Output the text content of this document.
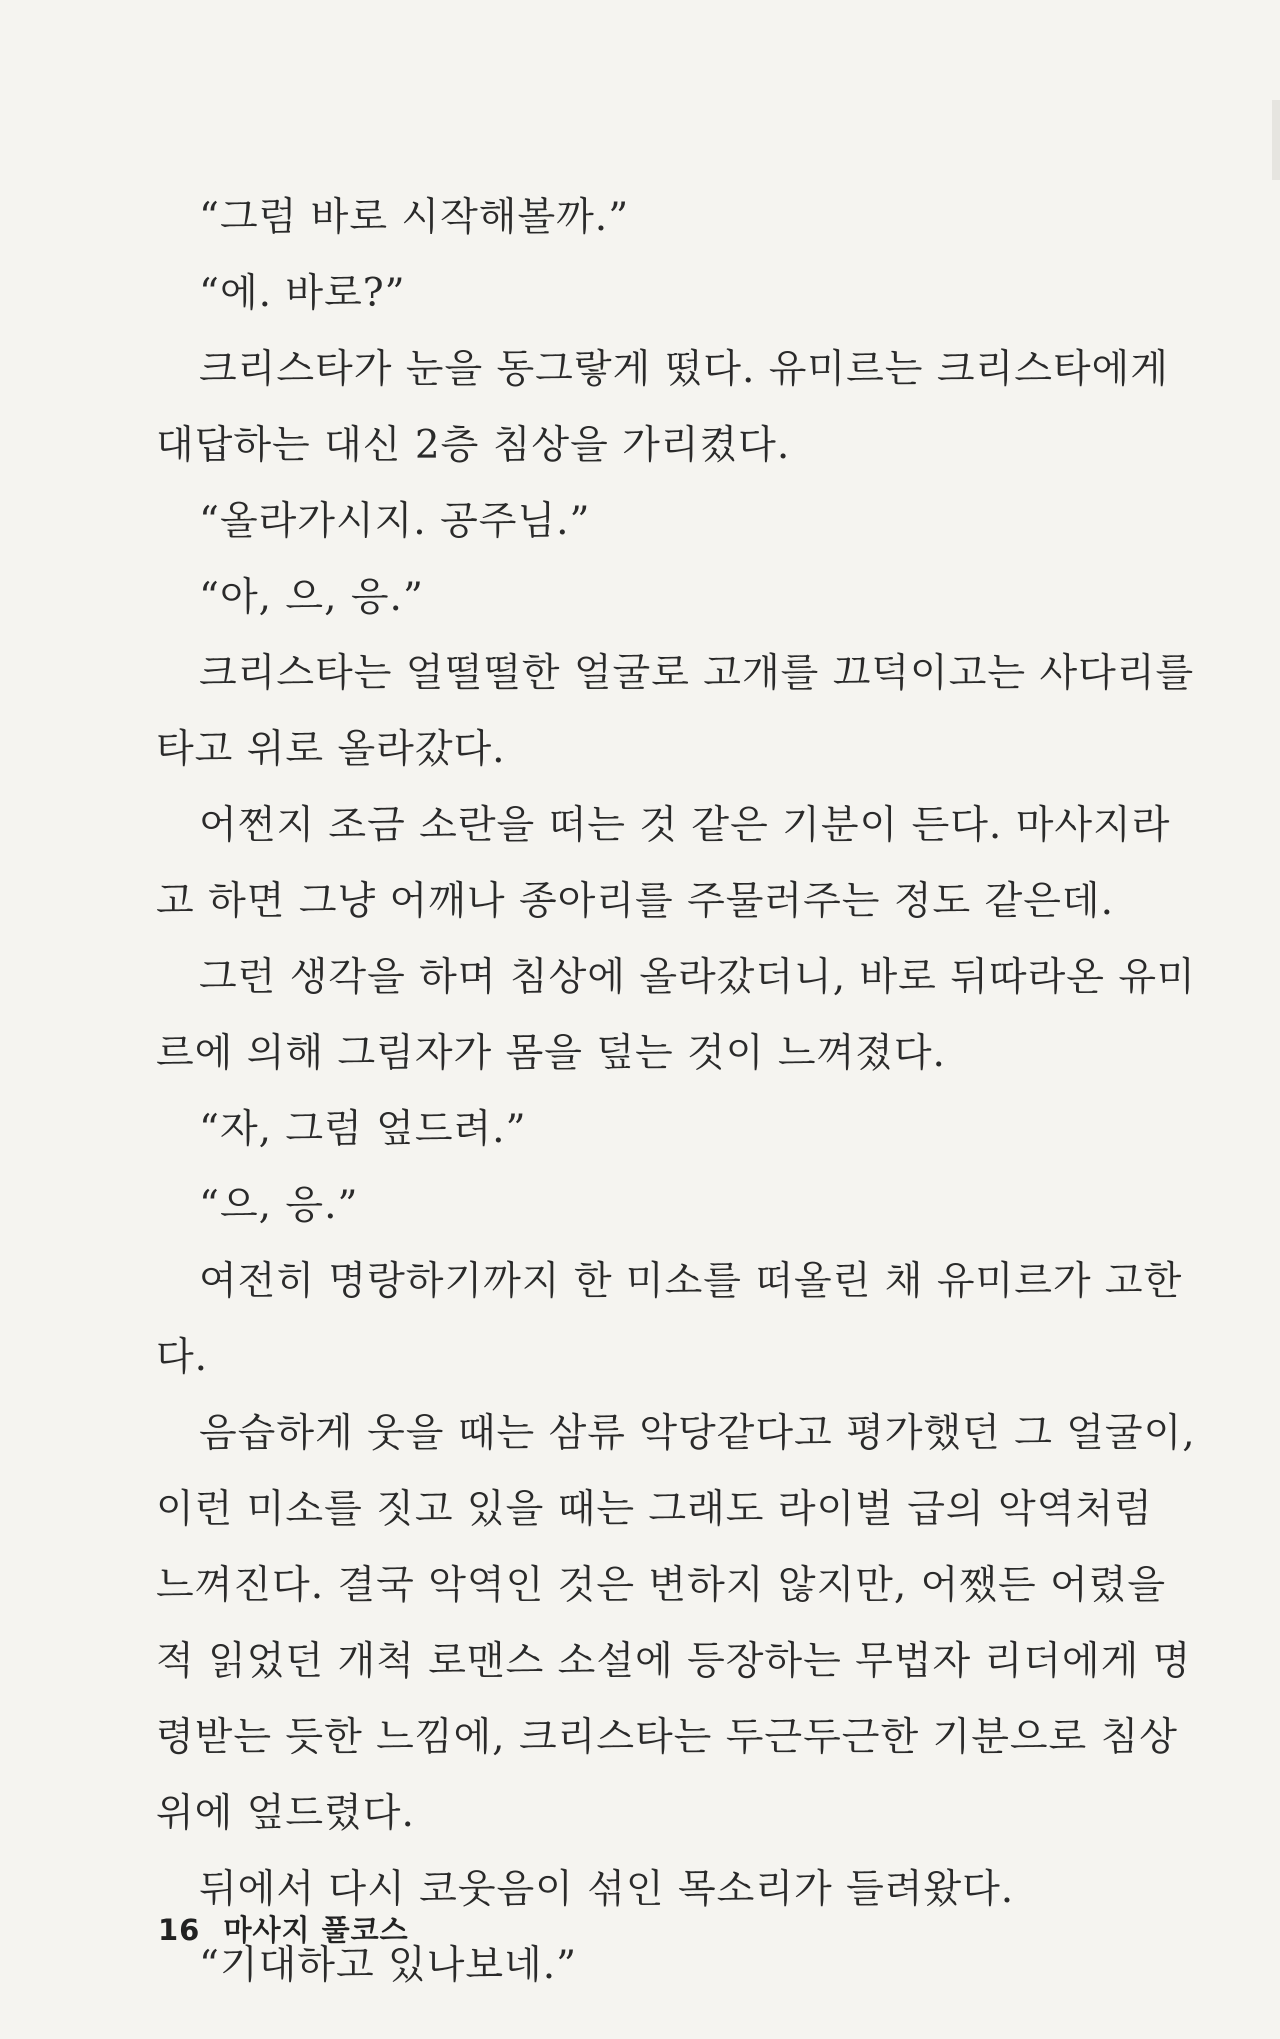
“그럼 바로 시작해볼까.”
“에. 바로?”
크리스타가 눈을 동그랗게 떴다. 유미르는 크리스타에게
대답하는 대신 2층 침상을 가리켰다.
“올라가시지. 공주님.”
“아, 으, 응.”
크리스타는 얼떨떨한 얼굴로 고개를 끄덕이고는 사다리를
타고 위로 올라갔다.
어쩐지 조금 소란을 떠는 것 같은 기분이 든다. 마사지라
고 하면 그냥 어깨나 종아리를 주물러주는 정도 같은데.
그런 생각을 하며 침상에 올라갔더니, 바로 뒤따라온 유미
르에 의해 그림자가 몸을 덮는 것이 느껴졌다.
“자, 그럼 엎드려.”
“으, 응.”
여전히 명랑하기까지 한 미소를 떠올린 채 유미르가 고한
다.
음습하게 웃을 때는 삼류 악당같다고 평가했던 그 얼굴이,
이런 미소를 짓고 있을 때는 그래도 라이벌 급의 악역처럼
느껴진다. 결국 악역인 것은 변하지 않지만, 어쨌든 어렸을
적 읽었던 개척 로맨스 소설에 등장하는 무법자 리더에게 명
령받는 듯한 느낌에, 크리스타는 두근두근한 기분으로 침상
위에 엎드렸다.
뒤에서 다시 코웃음이 섞인 목소리가 들려왔다.
“기대하고 있나보네.”
16 마사지 풀코스
